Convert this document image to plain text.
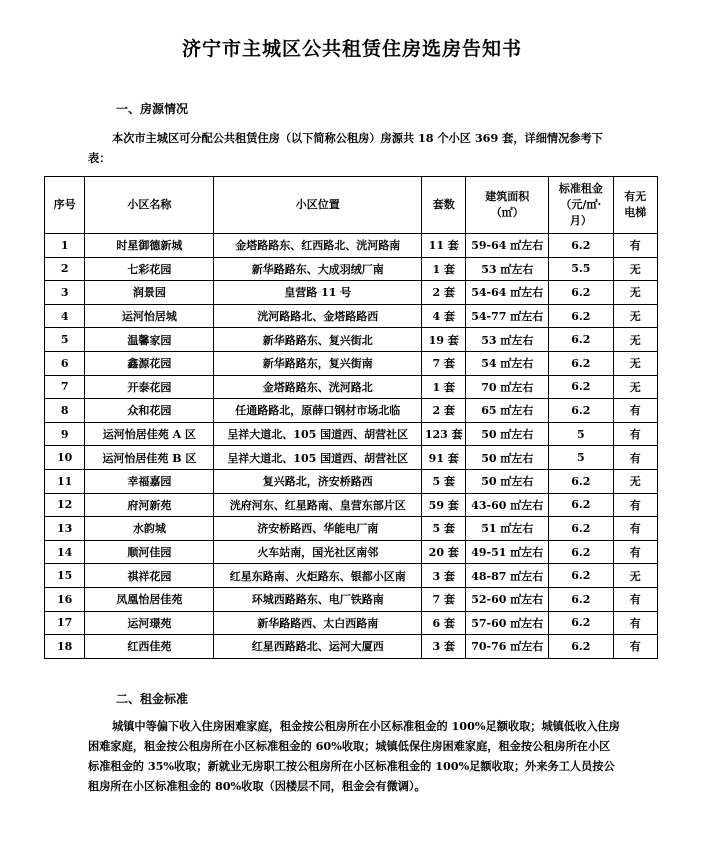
济宁市主城区公共租赁住房选房告知书
一、房源情况
本次市主城区可分配公共租赁住房（以下简称公租房）房源共 18 个小区 369 套，详细情况参考下表：
序号	小区名称	小区位置	套数	建筑面积（㎡）	标准租金（元/㎡·月）	有无电梯
1	时星御德新城	金塔路路东、红西路北、洸河路南	11 套	59-64 ㎡左右	6.2	有
2	七彩花园	新华路路东、大成羽绒厂南	1 套	53 ㎡左右	5.5	无
3	润景园	皇营路 11 号	2 套	54-64 ㎡左右	6.2	无
4	运河怡居城	洸河路路北、金塔路路西	4 套	54-77 ㎡左右	6.2	无
5	温馨家园	新华路路东、复兴街北	19 套	53 ㎡左右	6.2	无
6	鑫源花园	新华路路东，复兴街南	7 套	54 ㎡左右	6.2	无
7	开泰花园	金塔路路东、洸河路北	1 套	70 ㎡左右	6.2	无
8	众和花园	任通路路北，原薛口钢材市场北临	2 套	65 ㎡左右	6.2	有
9	运河怡居佳苑 A 区	呈祥大道北、105 国道西、胡营社区	123 套	50 ㎡左右	5	有
10	运河怡居佳苑 B 区	呈祥大道北、105 国道西、胡营社区	91 套	50 ㎡左右	5	有
11	幸福嘉园	复兴路北，济安桥路西	5 套	50 ㎡左右	6.2	无
12	府河新苑	洸府河东、红星路南、皇营东部片区	59 套	43-60 ㎡左右	6.2	有
13	水韵城	济安桥路西、华能电厂南	5 套	51 ㎡左右	6.2	有
14	顺河佳园	火车站南，国光社区南邻	20 套	49-51 ㎡左右	6.2	有
15	祺祥花园	红星东路南、火炬路东、银都小区南	3 套	48-87 ㎡左右	6.2	无
16	凤凰怡居佳苑	环城西路路东、电厂铁路南	7 套	52-60 ㎡左右	6.2	有
17	运河璟苑	新华路路西、太白西路南	6 套	57-60 ㎡左右	6.2	有
18	红西佳苑	红星西路路北、运河大厦西	3 套	70-76 ㎡左右	6.2	有
二、租金标准
城镇中等偏下收入住房困难家庭，租金按公租房所在小区标准租金的 100%足额收取；城镇低收入住房困难家庭，租金按公租房所在小区标准租金的 60%收取；城镇低保住房困难家庭，租金按公租房所在小区标准租金的 35%收取；新就业无房职工按公租房所在小区标准租金的 100%足额收取；外来务工人员按公租房所在小区标准租金的 80%收取（因楼层不同，租金会有微调）。
